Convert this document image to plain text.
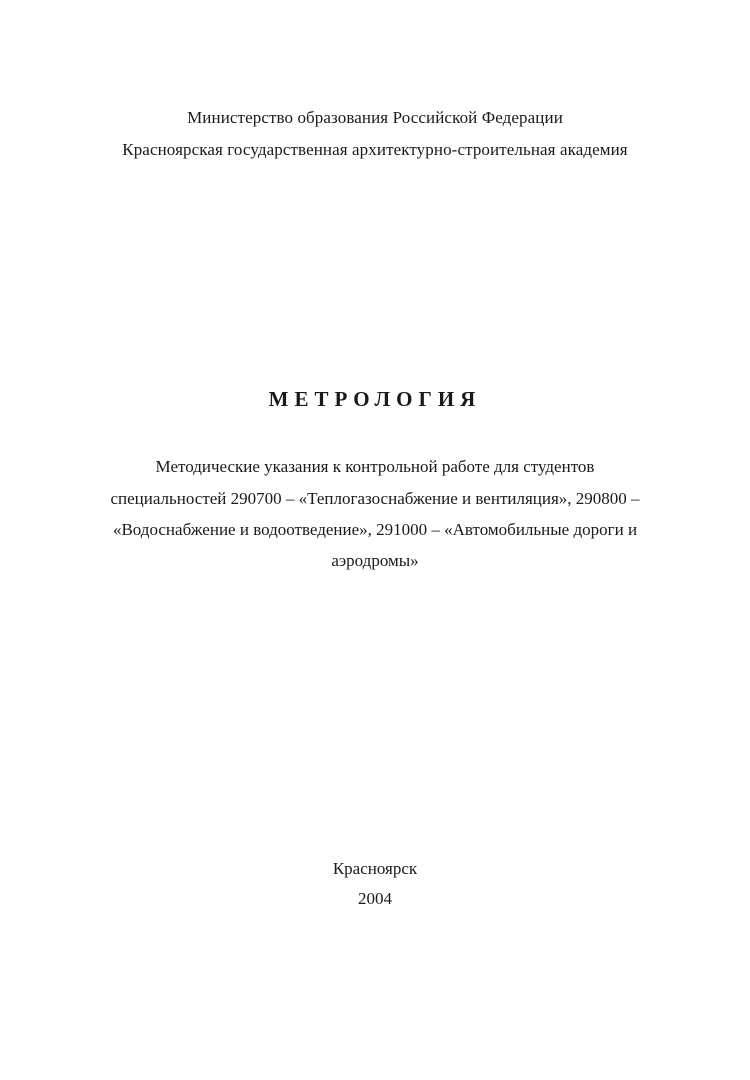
Министерство образования Российской Федерации
Красноярская государственная архитектурно-строительная академия
МЕТРОЛОГИЯ
Методические указания к контрольной работе для студентов
специальностей 290700 – «Теплогазоснабжение и вентиляция», 290800 –
«Водоснабжение и водоотведение», 291000 – «Автомобильные дороги и
аэродромы»
Красноярск
2004
